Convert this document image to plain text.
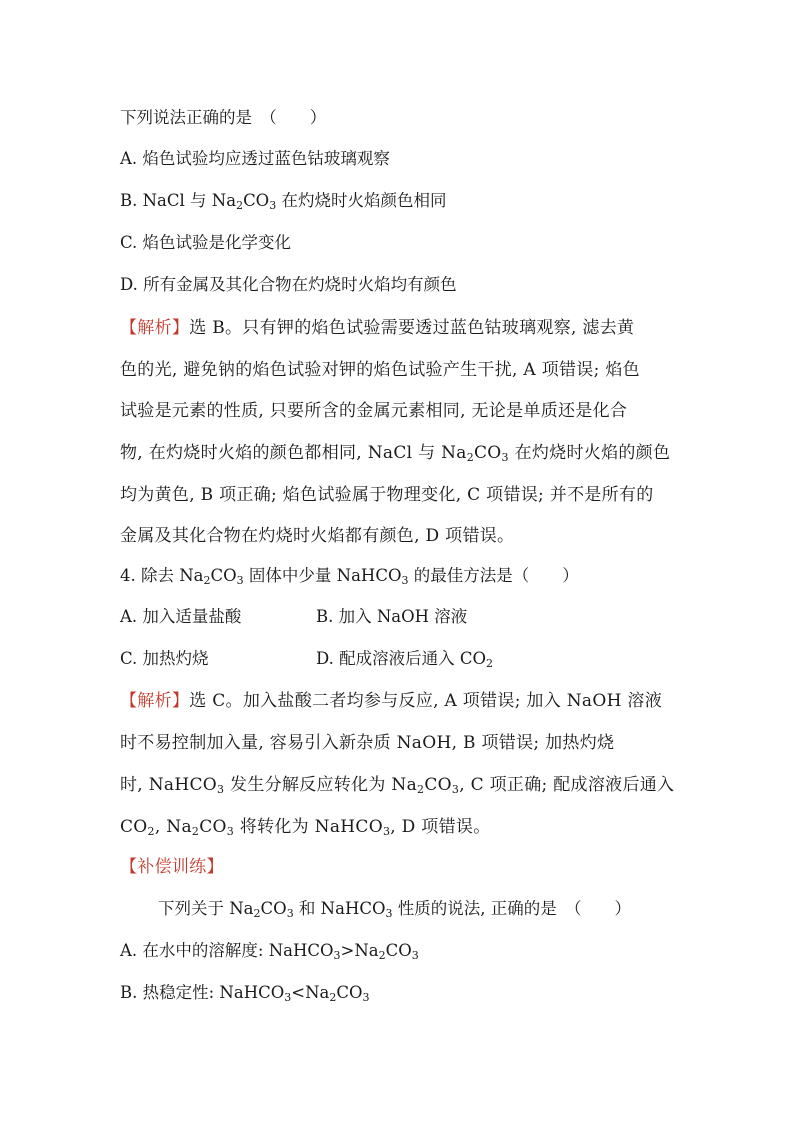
下列说法正确的是　（　　）
A. 焰色试验均应透过蓝色钴玻璃观察
B. NaCl 与 $Na_2CO_3$ 在灼烧时火焰颜色相同
C. 焰色试验是化学变化
D. 所有金属及其化合物在灼烧时火焰均有颜色
【解析】选 B。只有钾的焰色试验需要透过蓝色钴玻璃观察, 滤去黄
色的光, 避免钠的焰色试验对钾的焰色试验产生干扰, A 项错误; 焰色
试验是元素的性质, 只要所含的金属元素相同, 无论是单质还是化合
物, 在灼烧时火焰的颜色都相同, NaCl 与 $Na_2CO_3$ 在灼烧时火焰的颜色
均为黄色, B 项正确; 焰色试验属于物理变化, C 项错误; 并不是所有的
金属及其化合物在灼烧时火焰都有颜色, D 项错误。
4. 除去 $Na_2CO_3$ 固体中少量 NaHCO$_3$ 的最佳方法是（　　）
A. 加入适量盐酸	B. 加入 NaOH 溶液
C. 加热灼烧	D. 配成溶液后通入 $CO_2$
【解析】选 C。加入盐酸二者均参与反应, A 项错误; 加入 NaOH 溶液
时不易控制加入量, 容易引入新杂质 NaOH, B 项错误; 加热灼烧
时, NaHCO$_3$ 发生分解反应转化为 $Na_2CO_3$, C 项正确; 配成溶液后通入
$CO_2$, $Na_2CO_3$ 将转化为 NaHCO$_3$, D 项错误。
【补偿训练】
下列关于 $Na_2CO_3$ 和 NaHCO$_3$ 性质的说法, 正确的是　（　　）
A. 在水中的溶解度: $NaHCO_3>Na_2CO_3$
B. 热稳定性: $NaHCO_3<Na_2CO_3$
